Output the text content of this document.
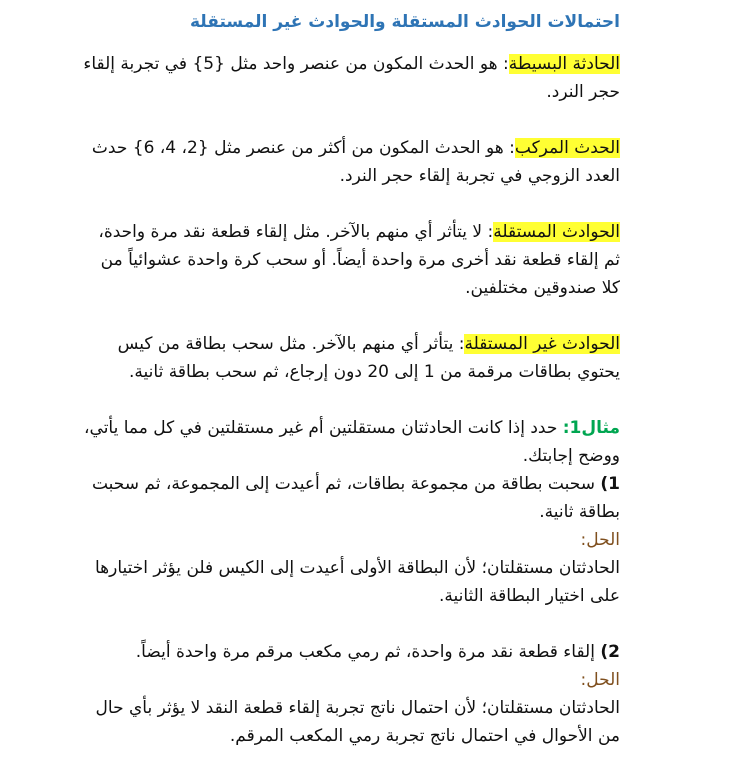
احتمالات الحوادث المستقلة والحوادث غير المستقلة

الحادثة البسيطة: هو الحدث المكون من عنصر واحد مثل {5} في تجربة إلقاء حجر النرد.

الحدث المركب: هو الحدث المكون من أكثر من عنصر مثل {2، 4، 6} حدث العدد الزوجي في تجربة إلقاء حجر النرد.

الحوادث المستقلة: لا يتأثر أي منهم بالآخر. مثل إلقاء قطعة نقد مرة واحدة، ثم إلقاء قطعة نقد أخرى مرة واحدة أيضاً. أو سحب كرة واحدة عشوائياً من كلا صندوقين مختلفين.

الحوادث غير المستقلة: يتأثر أي منهم بالآخر. مثل سحب بطاقة من كيس يحتوي بطاقات مرقمة من 1 إلى 20 دون إرجاع، ثم سحب بطاقة ثانية.

مثال1: حدد إذا كانت الحادثتان مستقلتين أم غير مستقلتين في كل مما يأتي، ووضح إجابتك.

1) سحبت بطاقة من مجموعة بطاقات، ثم أعيدت إلى المجموعة، ثم سحبت بطاقة ثانية.

الحل:

الحادثتان مستقلتان؛ لأن البطاقة الأولى أعيدت إلى الكيس فلن يؤثر اختيارها على اختيار البطاقة الثانية.

2) إلقاء قطعة نقد مرة واحدة، ثم رمي مكعب مرقم مرة واحدة أيضاً.

الحل:

الحادثتان مستقلتان؛ لأن احتمال ناتج تجربة إلقاء قطعة النقد لا يؤثر بأي حال من الأحوال في احتمال ناتج تجربة رمي المكعب المرقم.
